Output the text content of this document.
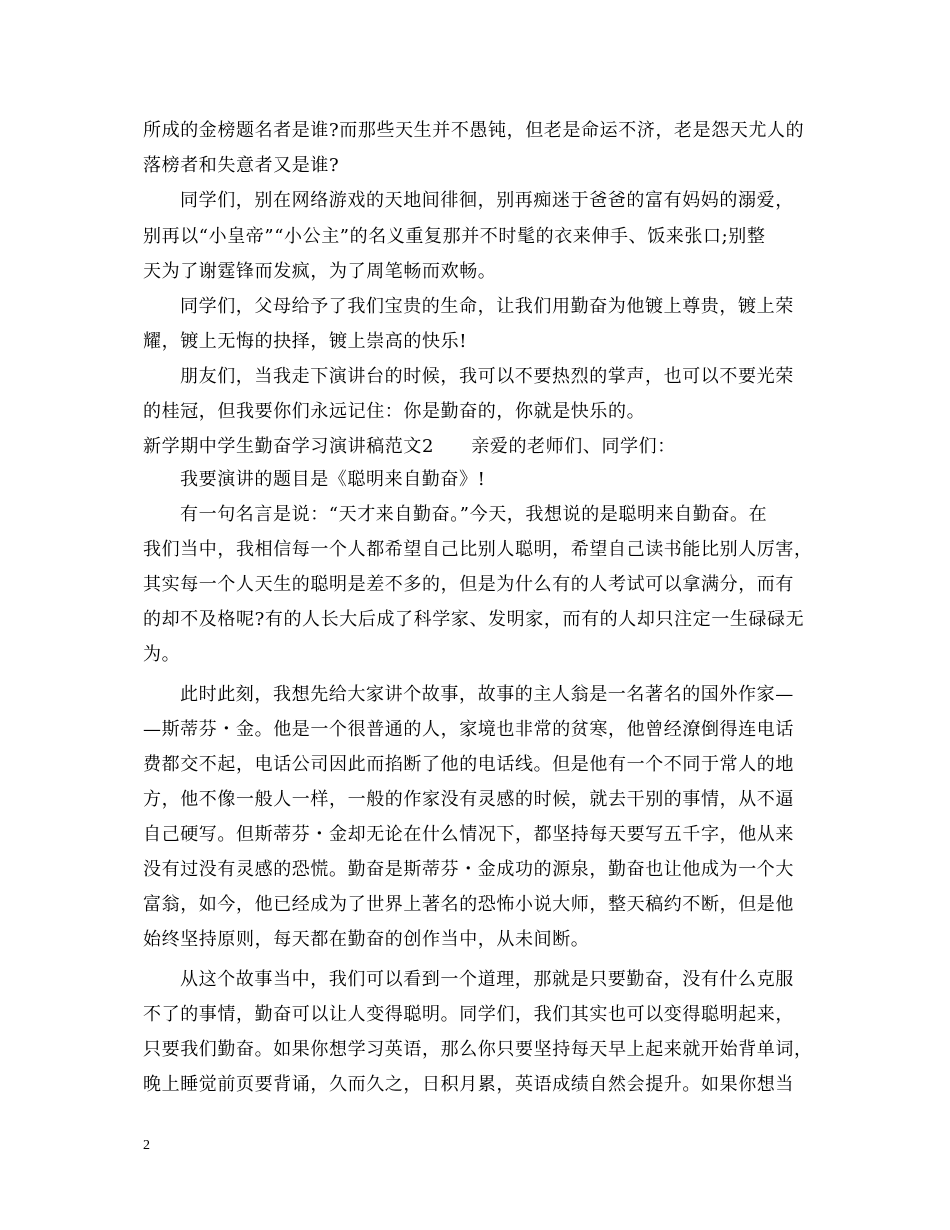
所成的金榜题名者是谁?而那些天生并不愚钝，但老是命运不济，老是怨天尤人的
落榜者和失意者又是谁?
同学们，别在网络游戏的天地间徘徊，别再痴迷于爸爸的富有妈妈的溺爱，
别再以“小皇帝”“小公主”的名义重复那并不时髦的衣来伸手、饭来张口;别整
天为了谢霆锋而发疯，为了周笔畅而欢畅。
同学们，父母给予了我们宝贵的生命，让我们用勤奋为他镀上尊贵，镀上荣
耀，镀上无悔的抉择，镀上崇高的快乐!
朋友们，当我走下演讲台的时候，我可以不要热烈的掌声，也可以不要光荣
的桂冠，但我要你们永远记住：你是勤奋的，你就是快乐的。
新学期中学生勤奋学习演讲稿范文2　　亲爱的老师们、同学们：
我要演讲的题目是《聪明来自勤奋》!
有一句名言是说：“天才来自勤奋。”今天，我想说的是聪明来自勤奋。在
我们当中，我相信每一个人都希望自己比别人聪明，希望自己读书能比别人厉害，
其实每一个人天生的聪明是差不多的，但是为什么有的人考试可以拿满分，而有
的却不及格呢?有的人长大后成了科学家、发明家，而有的人却只注定一生碌碌无
为。
此时此刻，我想先给大家讲个故事，故事的主人翁是一名著名的国外作家—
—斯蒂芬・金。他是一个很普通的人，家境也非常的贫寒，他曾经潦倒得连电话
费都交不起，电话公司因此而掐断了他的电话线。但是他有一个不同于常人的地
方，他不像一般人一样，一般的作家没有灵感的时候，就去干别的事情，从不逼
自己硬写。但斯蒂芬・金却无论在什么情况下，都坚持每天要写五千字，他从来
没有过没有灵感的恐慌。勤奋是斯蒂芬・金成功的源泉，勤奋也让他成为一个大
富翁，如今，他已经成为了世界上著名的恐怖小说大师，整天稿约不断，但是他
始终坚持原则，每天都在勤奋的创作当中，从未间断。
从这个故事当中，我们可以看到一个道理，那就是只要勤奋，没有什么克服
不了的事情，勤奋可以让人变得聪明。同学们，我们其实也可以变得聪明起来，
只要我们勤奋。如果你想学习英语，那么你只要坚持每天早上起来就开始背单词，
晚上睡觉前页要背诵，久而久之，日积月累，英语成绩自然会提升。如果你想当
2
